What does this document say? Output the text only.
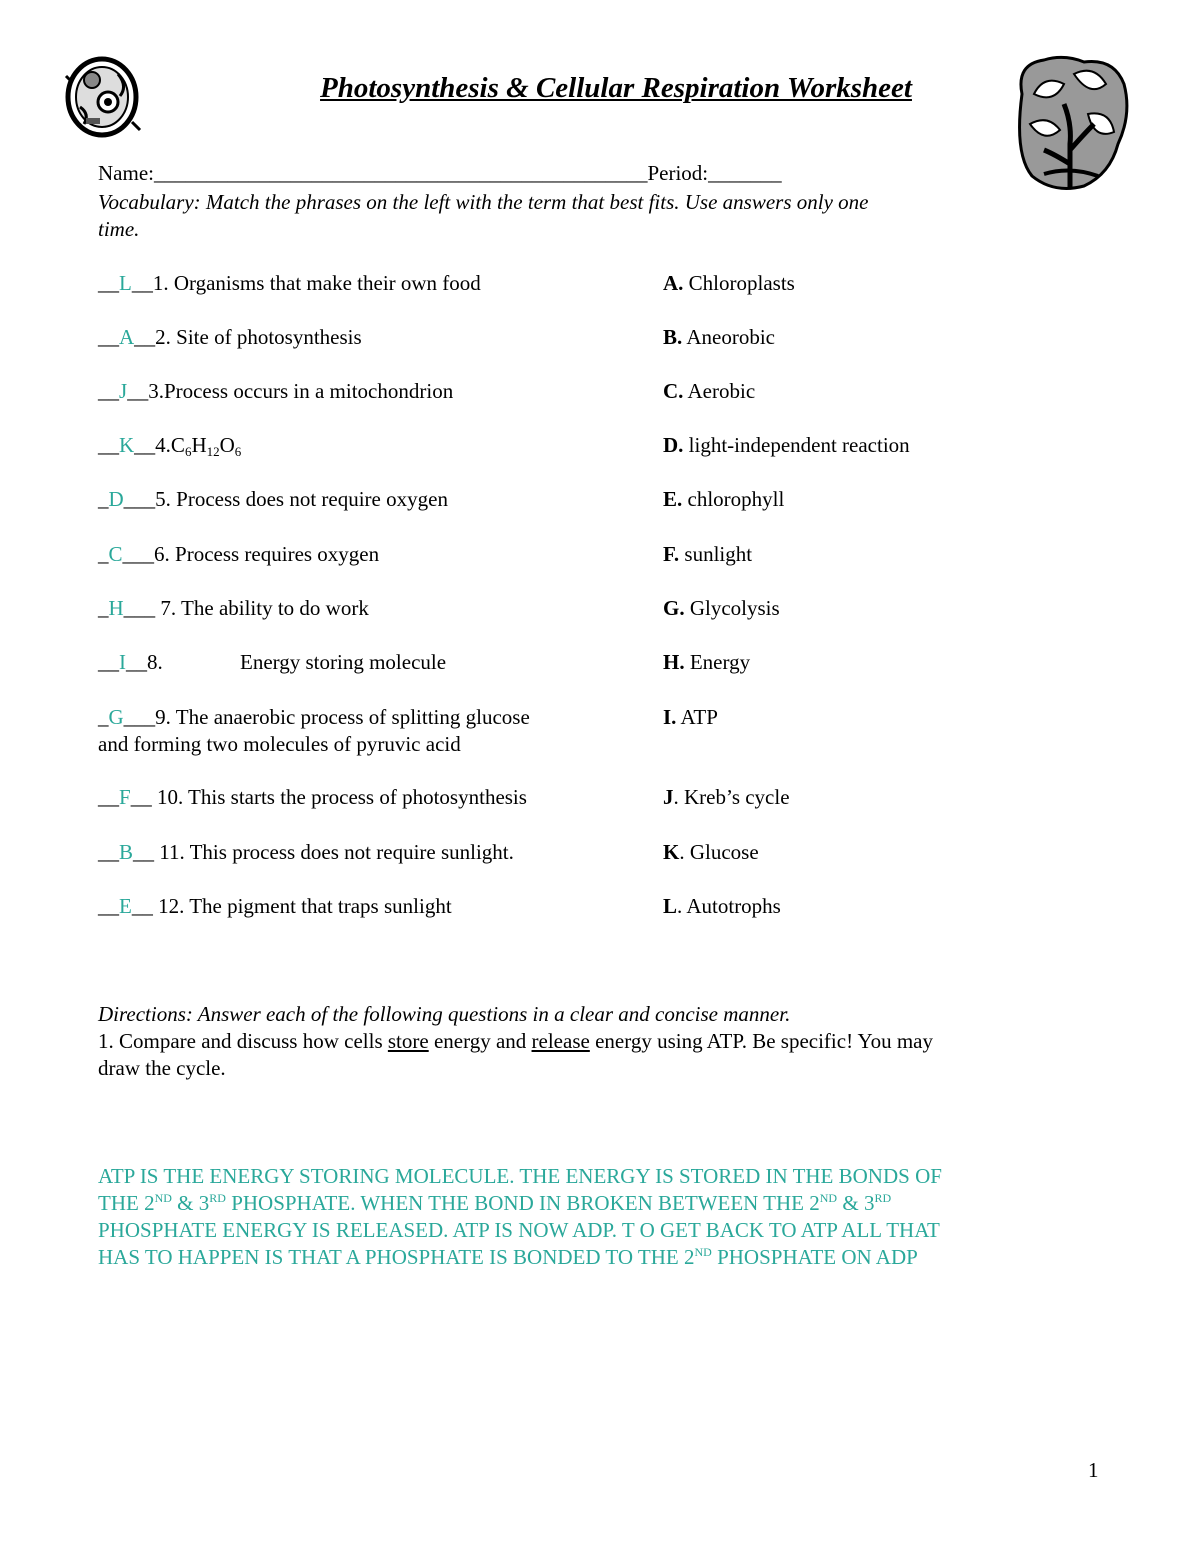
Photosynthesis & Cellular Respiration Worksheet
Name:_______________________________________________Period:_______
Vocabulary: Match the phrases on the left with the term that best fits. Use answers only one
time.
__L__1. Organisms that make their own food
__A__2. Site of photosynthesis
__J__3.Process occurs in a mitochondrion
$\_\_K\_\_4.C_6H_{12}O_6$
_D___5. Process does not require oxygen
_C___6. Process requires oxygen
_H___ 7. The ability to do work
__I__8.	Energy storing molecule
_G___9. The anaerobic process of splitting glucose
and forming two molecules of pyruvic acid
__F__ 10. This starts the process of photosynthesis
__B__ 11. This process does not require sunlight.
__E__ 12. The pigment that traps sunlight
A. Chloroplasts
B. Aneorobic
C. Aerobic
D. light-independent reaction
E. chlorophyll
F. sunlight
G. Glycolysis
H. Energy
I. ATP
J. Kreb’s cycle
K. Glucose
L. Autotrophs
Directions: Answer each of the following questions in a clear and concise manner.
1. Compare and discuss how cells store energy and release energy using ATP. Be specific! You may
draw the cycle.
ATP IS THE ENERGY STORING MOLECULE. THE ENERGY IS STORED IN THE BONDS OF
THE 2ND & 3RD PHOSPHATE. WHEN THE BOND IN BROKEN BETWEEN THE 2ND & 3RD
PHOSPHATE ENERGY IS RELEASED. ATP IS NOW ADP. T O GET BACK TO ATP ALL THAT
HAS TO HAPPEN IS THAT A PHOSPHATE IS BONDED TO THE 2ND PHOSPHATE ON ADP
1
